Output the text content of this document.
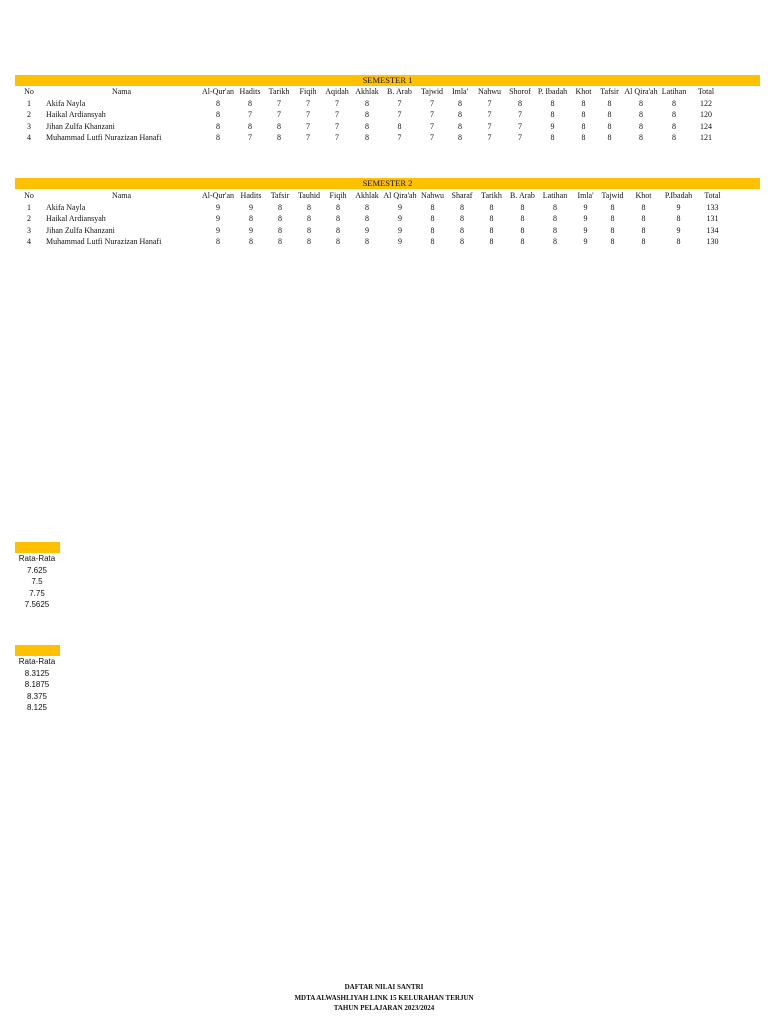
SEMESTER 1
No	Nama	Al-Qur'an	Hadits	Tarikh	Fiqih	Aqidah	Akhlak	B. Arab	Tajwid	Imla'	Nahwu	Shorof	P. Ibadah	Khot	Tafsir	Al Qira'ah	Latihan	Total
1	Akifa Nayla	8	8	7	7	7	8	7	7	8	7	8	8	8	8	8	8	122
2	Haikal Ardiansyah	8	7	7	7	7	8	7	7	8	7	7	8	8	8	8	8	120
3	Jihan Zulfa Khanzani	8	8	8	7	7	8	8	7	8	7	7	9	8	8	8	8	124
4	Muhammad Lutfi Nurazizan Hanafi	8	7	8	7	7	8	7	7	8	7	7	8	8	8	8	8	121
SEMESTER 2
No	Nama	Al-Qur'an	Hadits	Tafsir	Tauhid	Fiqih	Akhlak	Al Qira'ah	Nahwu	Sharaf	Tarikh	B. Arab	Latihan	Imla'	Tajwid	Khot	P.Ibadah	Total
1	Akifa Nayla	9	9	8	8	8	8	9	8	8	8	8	8	9	8	8	9	133
2	Haikal Ardiansyah	9	8	8	8	8	8	9	8	8	8	8	8	9	8	8	8	131
3	Jihan Zulfa Khanzani	9	9	8	8	8	9	9	8	8	8	8	8	9	8	8	9	134
4	Muhammad Lutfi Nurazizan Hanafi	8	8	8	8	8	8	9	8	8	8	8	8	9	8	8	8	130
Rata-Rata
7.625
7.5
7.75
7.5625
Rata-Rata
8.3125
8.1875
8.375
8.125
DAFTAR NILAI SANTRI
MDTA ALWASHLIYAH LINK 15 KELURAHAN TERJUN
TAHUN PELAJARAN 2023/2024
